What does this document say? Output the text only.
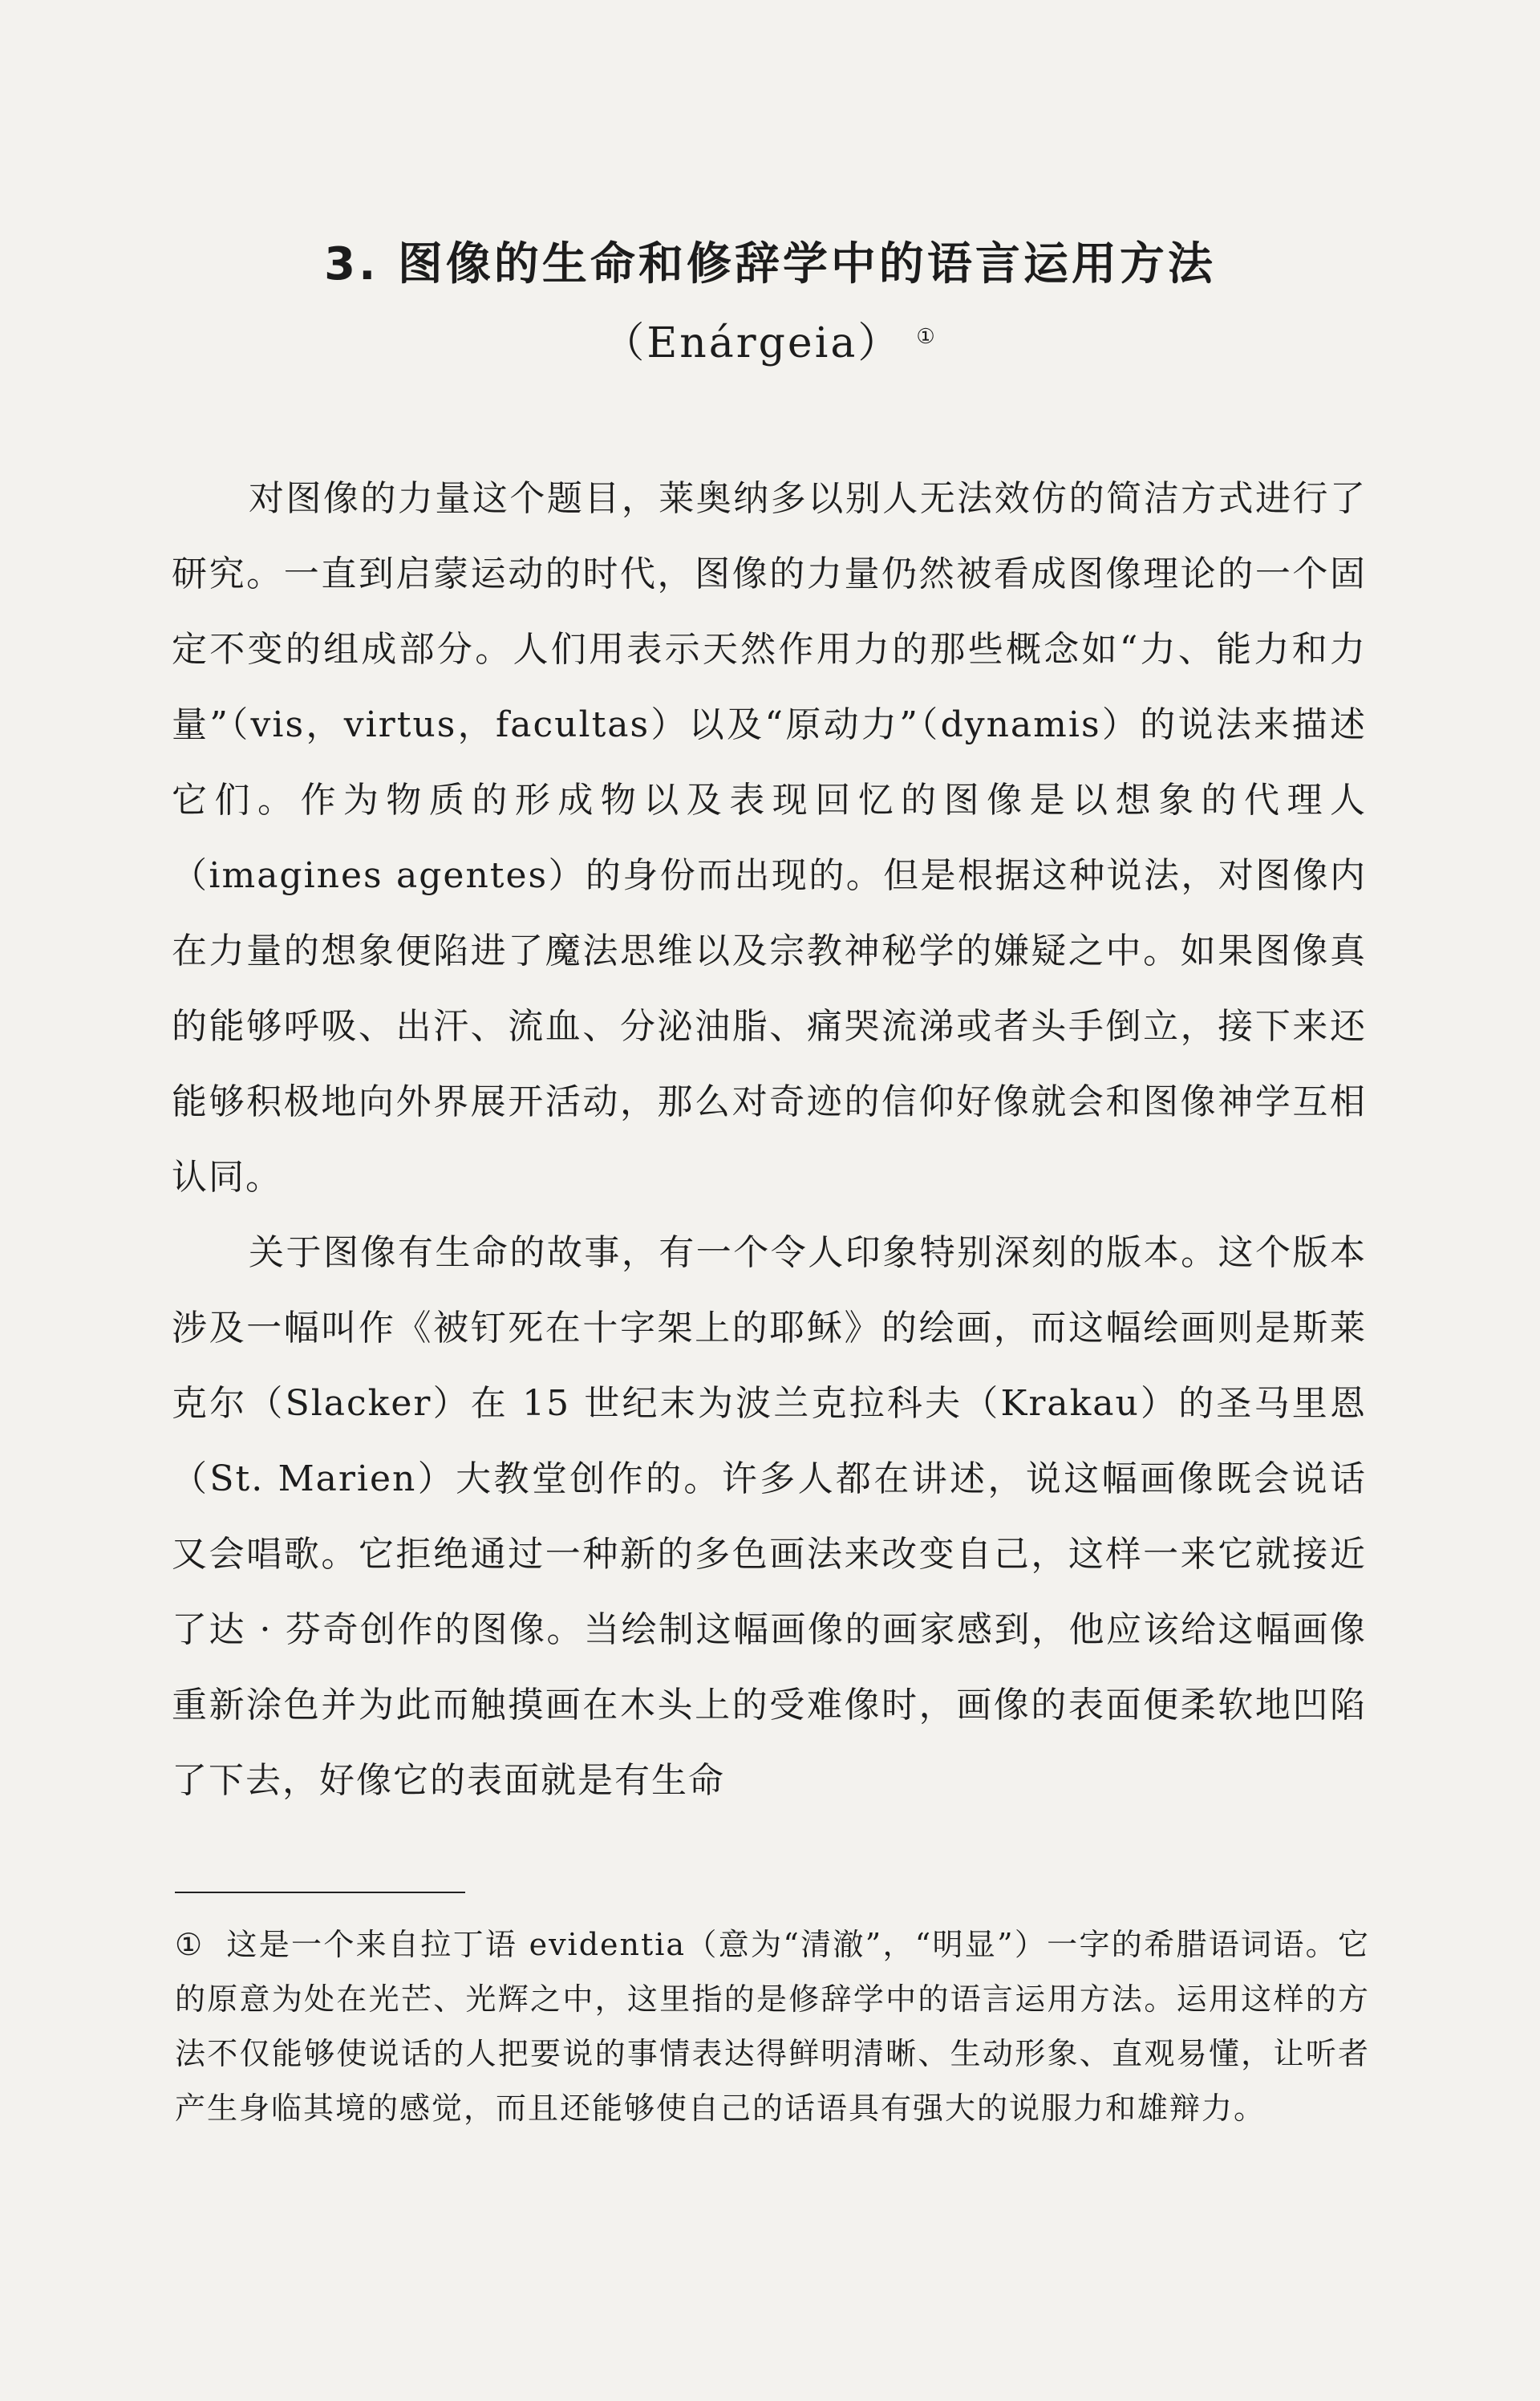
3. 图像的生命和修辞学中的语言运用方法
（Enárgeia） ①

对图像的力量这个题目，莱奥纳多以别人无法效仿的简洁方式进行了研究。一直到启蒙运动的时代，图像的力量仍然被看成图像理论的一个固定不变的组成部分。人们用表示天然作用力的那些概念如“力、能力和力量”（vis，virtus，facultas）以及“原动力”（dynamis）的说法来描述它们。作为物质的形成物以及表现回忆的图像是以想象的代理人（imagines agentes）的身份而出现的。但是根据这种说法，对图像内在力量的想象便陷进了魔法思维以及宗教神秘学的嫌疑之中。如果图像真的能够呼吸、出汗、流血、分泌油脂、痛哭流涕或者头手倒立，接下来还能够积极地向外界展开活动，那么对奇迹的信仰好像就会和图像神学互相认同。

关于图像有生命的故事，有一个令人印象特别深刻的版本。这个版本涉及一幅叫作《被钉死在十字架上的耶稣》的绘画，而这幅绘画则是斯莱克尔（Slacker）在 15 世纪末为波兰克拉科夫（Krakau）的圣马里恩（St. Marien）大教堂创作的。许多人都在讲述，说这幅画像既会说话又会唱歌。它拒绝通过一种新的多色画法来改变自己，这样一来它就接近了达 · 芬奇创作的图像。当绘制这幅画像的画家感到，他应该给这幅画像重新涂色并为此而触摸画在木头上的受难像时，画像的表面便柔软地凹陷了下去，好像它的表面就是有生命

① 这是一个来自拉丁语 evidentia（意为“清澈”，“明显”）一字的希腊语词语。它的原意为处在光芒、光辉之中，这里指的是修辞学中的语言运用方法。运用这样的方法不仅能够使说话的人把要说的事情表达得鲜明清晰、生动形象、直观易懂，让听者产生身临其境的感觉，而且还能够使自己的话语具有强大的说服力和雄辩力。
